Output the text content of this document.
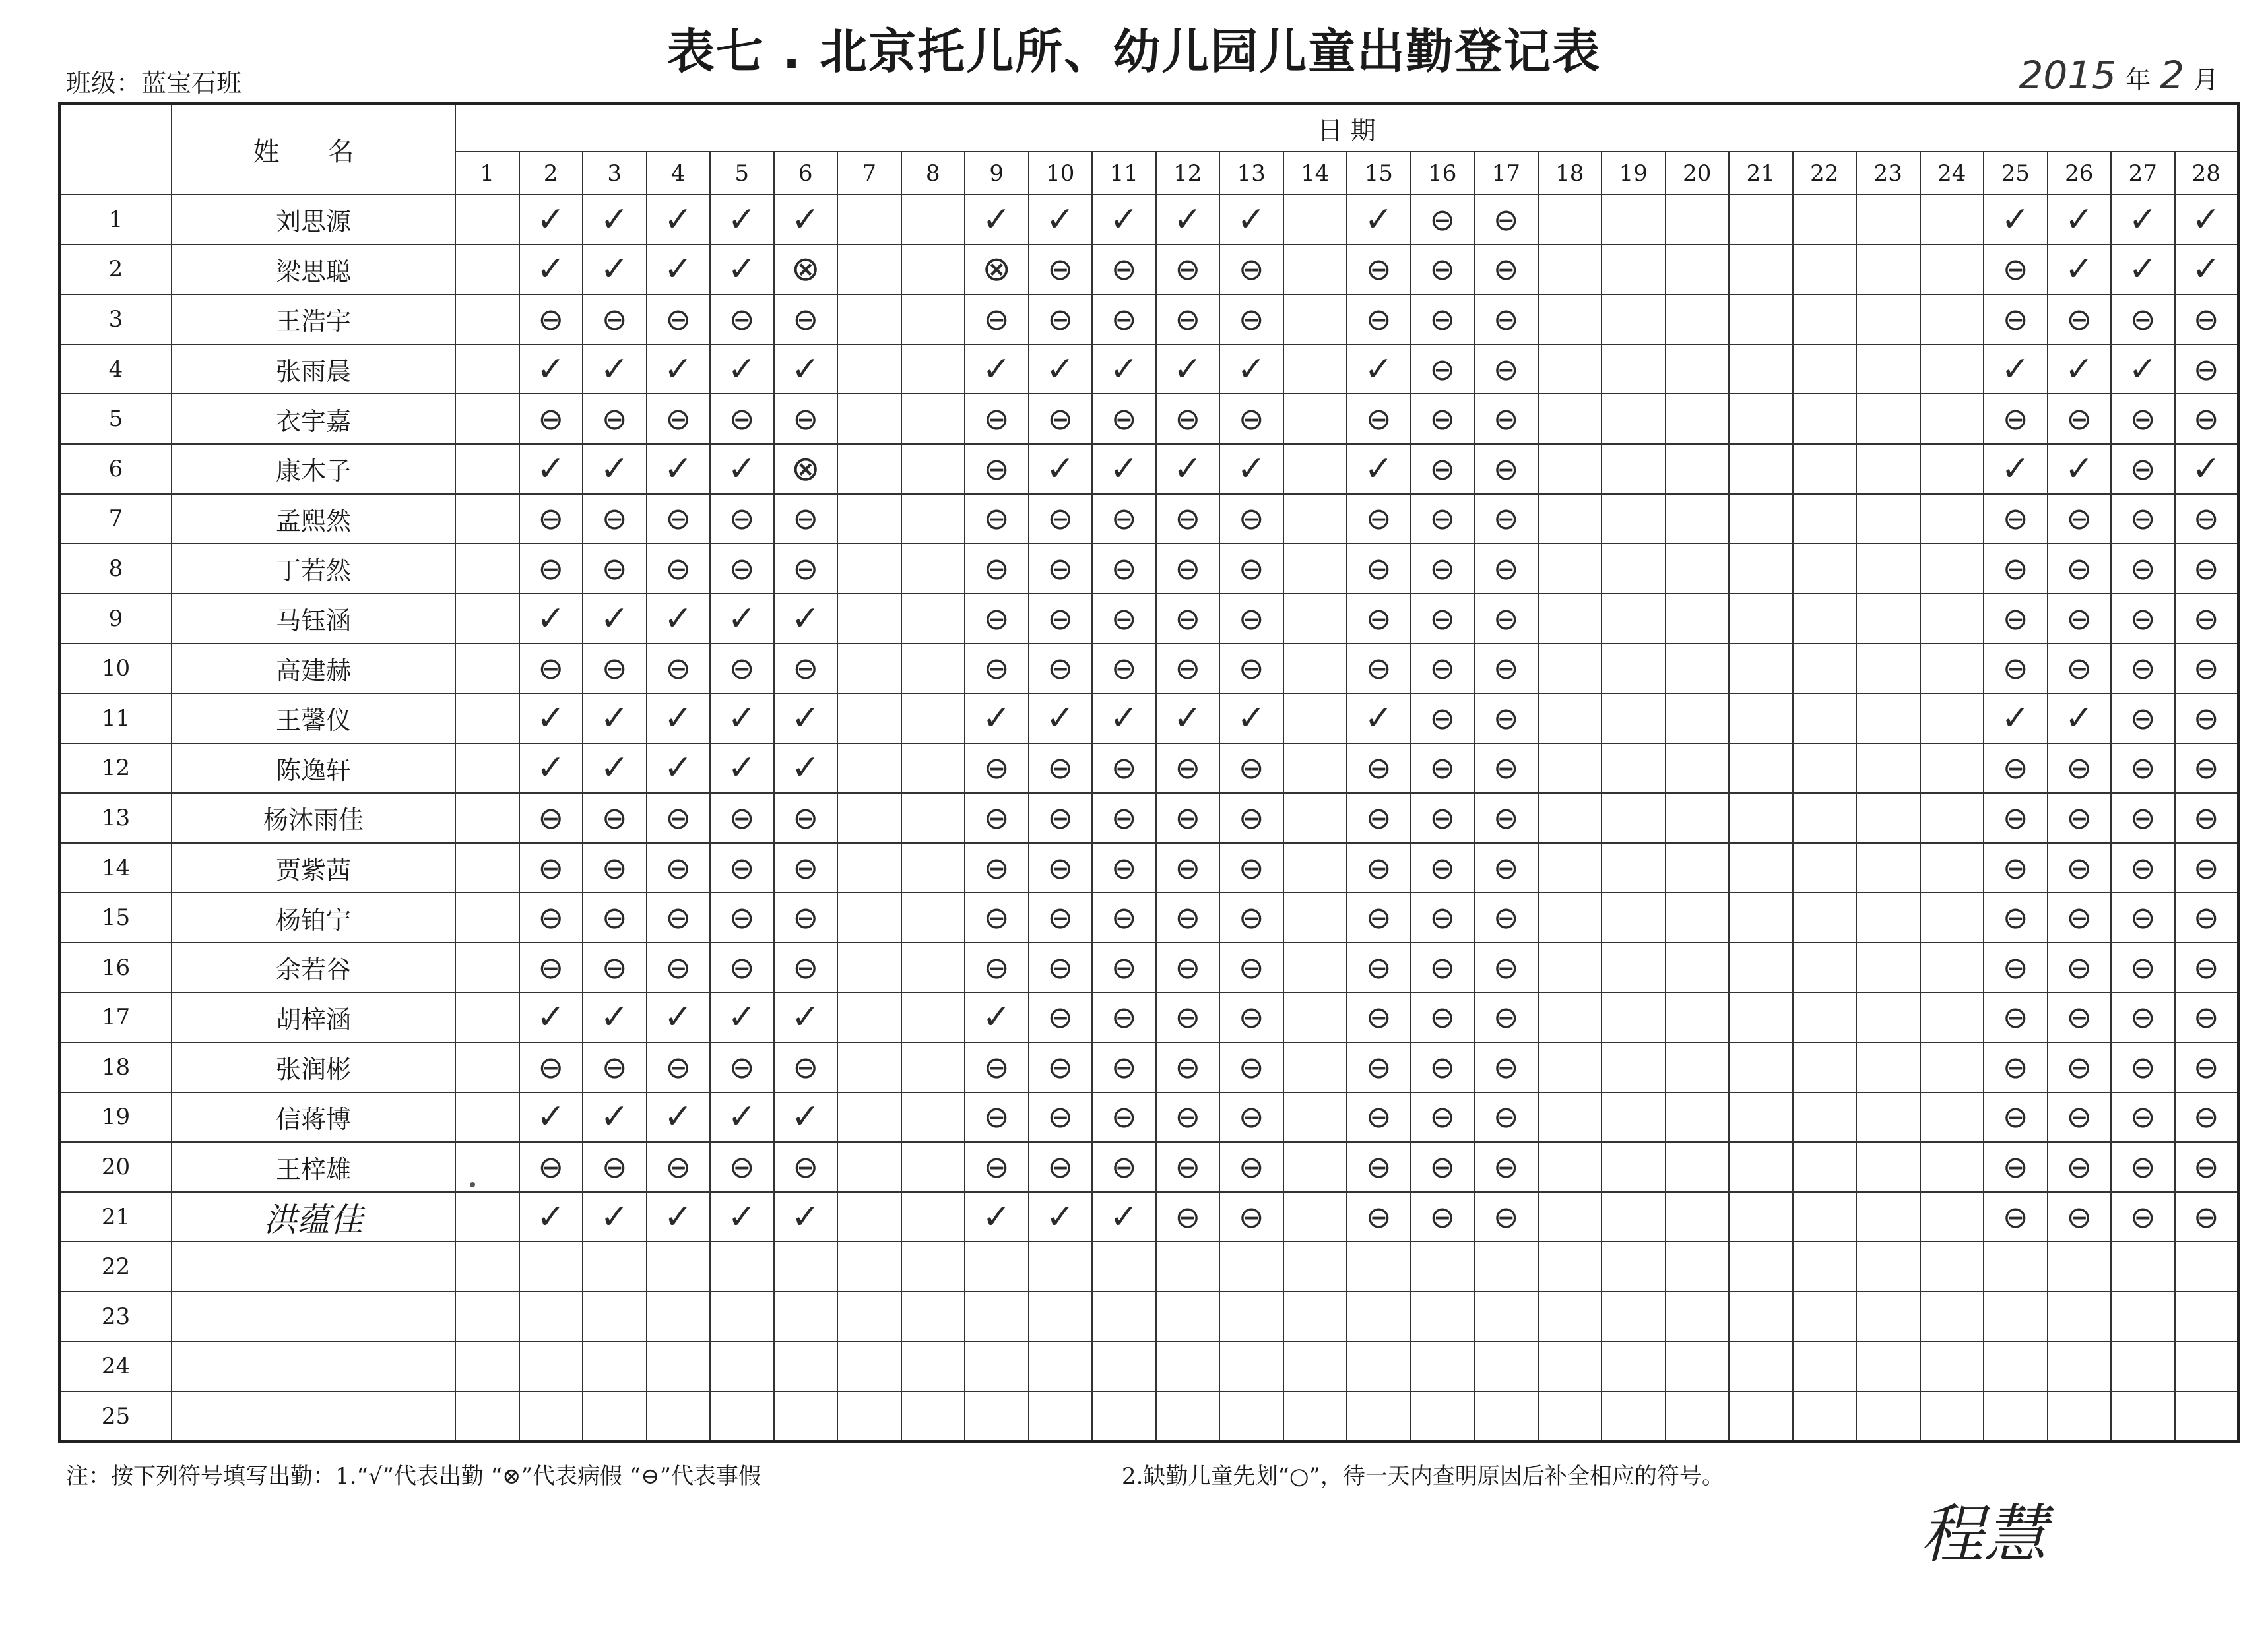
表七 . 北京托儿所、幼儿园儿童出勤登记表
班级：蓝宝石班	2015 年 2 月
	姓 名	日 期																											
		1	2	3	4	5	6	7	8	9	10	11	12	13	14	15	16	17	18	19	20	21	22	23	24	25	26	27	28
1	刘思源		✓	✓	✓	✓	✓			✓	✓	✓	✓	✓		✓	⊖	⊖								✓	✓	✓	✓
2	梁思聪		✓	✓	✓	✓	⊗			⊗	⊖	⊖	⊖	⊖		⊖	⊖	⊖								⊖	✓	✓	✓
3	王浩宇		⊖	⊖	⊖	⊖	⊖			⊖	⊖	⊖	⊖	⊖		⊖	⊖	⊖								⊖	⊖	⊖	⊖
4	张雨晨		✓	✓	✓	✓	✓			✓	✓	✓	✓	✓		✓	⊖	⊖								✓	✓	✓	⊖
5	衣宇嘉		⊖	⊖	⊖	⊖	⊖			⊖	⊖	⊖	⊖	⊖		⊖	⊖	⊖								⊖	⊖	⊖	⊖
6	康木子		✓	✓	✓	✓	⊗			⊖	✓	✓	✓	✓		✓	⊖	⊖								✓	✓	⊖	✓
7	孟熙然		⊖	⊖	⊖	⊖	⊖			⊖	⊖	⊖	⊖	⊖		⊖	⊖	⊖								⊖	⊖	⊖	⊖
8	丁若然		⊖	⊖	⊖	⊖	⊖			⊖	⊖	⊖	⊖	⊖		⊖	⊖	⊖								⊖	⊖	⊖	⊖
9	马钰涵		✓	✓	✓	✓	✓			⊖	⊖	⊖	⊖	⊖		⊖	⊖	⊖								⊖	⊖	⊖	⊖
10	高建赫		⊖	⊖	⊖	⊖	⊖			⊖	⊖	⊖	⊖	⊖		⊖	⊖	⊖								⊖	⊖	⊖	⊖
11	王馨仪		✓	✓	✓	✓	✓			✓	✓	✓	✓	✓		✓	⊖	⊖								✓	✓	⊖	⊖
12	陈逸轩		✓	✓	✓	✓	✓			⊖	⊖	⊖	⊖	⊖		⊖	⊖	⊖								⊖	⊖	⊖	⊖
13	杨沐雨佳		⊖	⊖	⊖	⊖	⊖			⊖	⊖	⊖	⊖	⊖		⊖	⊖	⊖								⊖	⊖	⊖	⊖
14	贾紫茜		⊖	⊖	⊖	⊖	⊖			⊖	⊖	⊖	⊖	⊖		⊖	⊖	⊖								⊖	⊖	⊖	⊖
15	杨铂宁		⊖	⊖	⊖	⊖	⊖			⊖	⊖	⊖	⊖	⊖		⊖	⊖	⊖								⊖	⊖	⊖	⊖
16	余若谷		⊖	⊖	⊖	⊖	⊖			⊖	⊖	⊖	⊖	⊖		⊖	⊖	⊖								⊖	⊖	⊖	⊖
17	胡梓涵		✓	✓	✓	✓	✓			✓	⊖	⊖	⊖	⊖		⊖	⊖	⊖								⊖	⊖	⊖	⊖
18	张润彬		⊖	⊖	⊖	⊖	⊖			⊖	⊖	⊖	⊖	⊖		⊖	⊖	⊖								⊖	⊖	⊖	⊖
19	信蒋博		✓	✓	✓	✓	✓			⊖	⊖	⊖	⊖	⊖		⊖	⊖	⊖								⊖	⊖	⊖	⊖
20	王梓雄		⊖	⊖	⊖	⊖	⊖			⊖	⊖	⊖	⊖	⊖		⊖	⊖	⊖								⊖	⊖	⊖	⊖
21	洪蕴佳		✓	✓	✓	✓	✓			✓	✓	✓	⊖	⊖		⊖	⊖	⊖								⊖	⊖	⊖	⊖
22																													
23																													
24																													
25																													
注：按下列符号填写出勤：1.“√”代表出勤 “⊗”代表病假 “⊖”代表事假	2.缺勤儿童先划“○”，待一天内查明原因后补全相应的符号。
程慧
